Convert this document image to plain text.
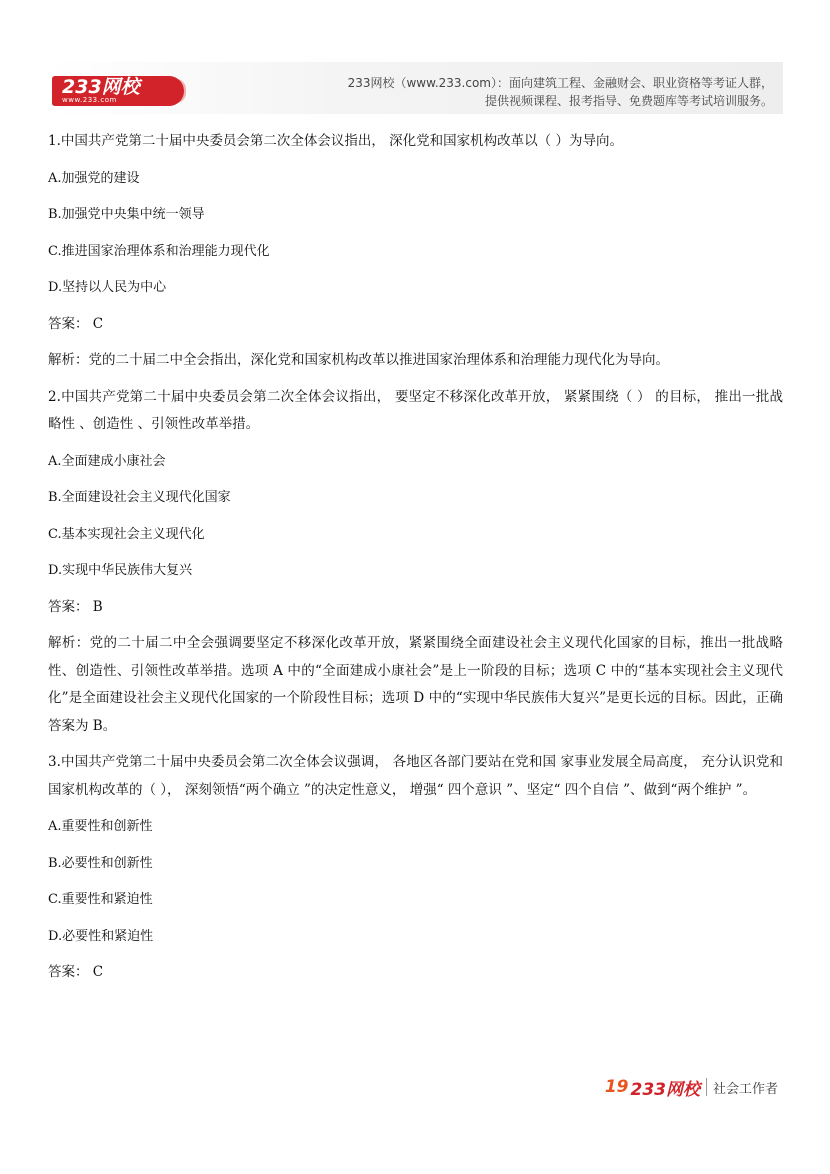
233网校
www.233.com
233网校（www.233.com）：面向建筑工程、金融财会、职业资格等考证人群，
提供视频课程、报考指导、免费题库等考试培训服务。

1.中国共产党第二十届中央委员会第二次全体会议指出， 深化党和国家机构改革以（ ）为导向。

A.加强党的建设

B.加强党中央集中统一领导

C.推进国家治理体系和治理能力现代化

D.坚持以人民为中心

答案： C

解析：党的二十届二中全会指出，深化党和国家机构改革以推进国家治理体系和治理能力现代化为导向。

2.中国共产党第二十届中央委员会第二次全体会议指出， 要坚定不移深化改革开放， 紧紧围绕（ ） 的目标， 推出一批战略性 、创造性 、引领性改革举措。

A.全面建成小康社会

B.全面建设社会主义现代化国家

C.基本实现社会主义现代化

D.实现中华民族伟大复兴

答案： B

解析：党的二十届二中全会强调要坚定不移深化改革开放，紧紧围绕全面建设社会主义现代化国家的目标，推出一批战略性、创造性、引领性改革举措。选项 A 中的“全面建成小康社会”是上一阶段的目标；选项 C 中的“基本实现社会主义现代化”是全面建设社会主义现代化国家的一个阶段性目标；选项 D 中的“实现中华民族伟大复兴”是更长远的目标。因此，正确答案为 B。

3.中国共产党第二十届中央委员会第二次全体会议强调， 各地区各部门要站在党和国 家事业发展全局高度， 充分认识党和国家机构改革的（ ）， 深刻领悟“两个确立 ”的决定性意义， 增强“ 四个意识 ”、坚定“ 四个自信 ”、做到“两个维护 ”。

A.重要性和创新性

B.必要性和创新性

C.重要性和紧迫性

D.必要性和紧迫性

答案： C

19 233网校 社会工作者
